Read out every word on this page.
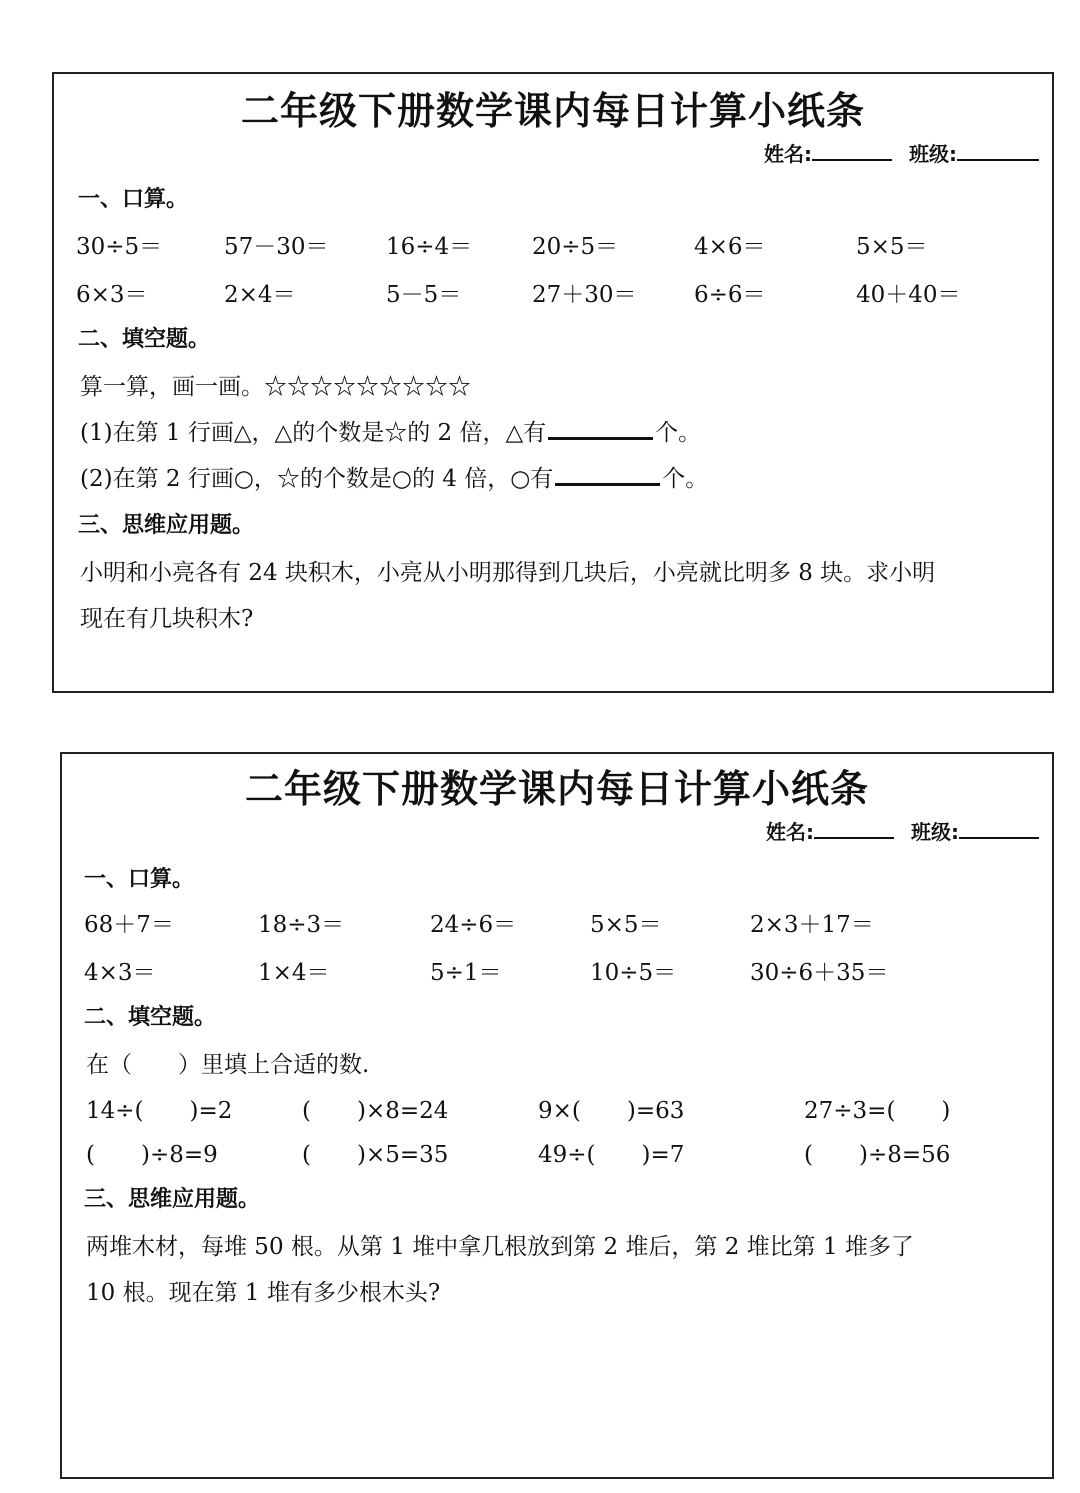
二年级下册数学课内每日计算小纸条
姓名:	班级:
一、口算。
30÷5＝	57－30＝ 16÷4＝	20÷5＝	4×6＝	5×5＝
6×3＝	2×4＝	5－5＝	27＋30＝ 6÷6＝	40＋40＝
二、填空题。
算一算，画一画。☆☆☆☆☆☆☆☆☆
(1)在第 1 行画△，△的个数是☆的 2 倍，△有	个。
(2)在第 2 行画○，☆的个数是○的 4 倍，○有	个。
三、思维应用题。
小明和小亮各有 24 块积木，小亮从小明那得到几块后，小亮就比明多 8 块。求小明
现在有几块积木?
二年级下册数学课内每日计算小纸条
姓名:	班级:
一、口算。
68＋7＝	18÷3＝	24÷6＝	5×5＝	2×3＋17＝
4×3＝	1×4＝	5÷1＝	10÷5＝	30÷6＋35＝
二、填空题。
在（　　）里填上合适的数.
14÷(　　)=2	(　　)×8=24	9×(　　)=63	27÷3=(　　)
(　　)÷8=9	(　　)×5=35	49÷(　　)=7	(　　)÷8=56
三、思维应用题。
两堆木材，每堆 50 根。从第 1 堆中拿几根放到第 2 堆后，第 2 堆比第 1 堆多了
10 根。现在第 1 堆有多少根木头?
